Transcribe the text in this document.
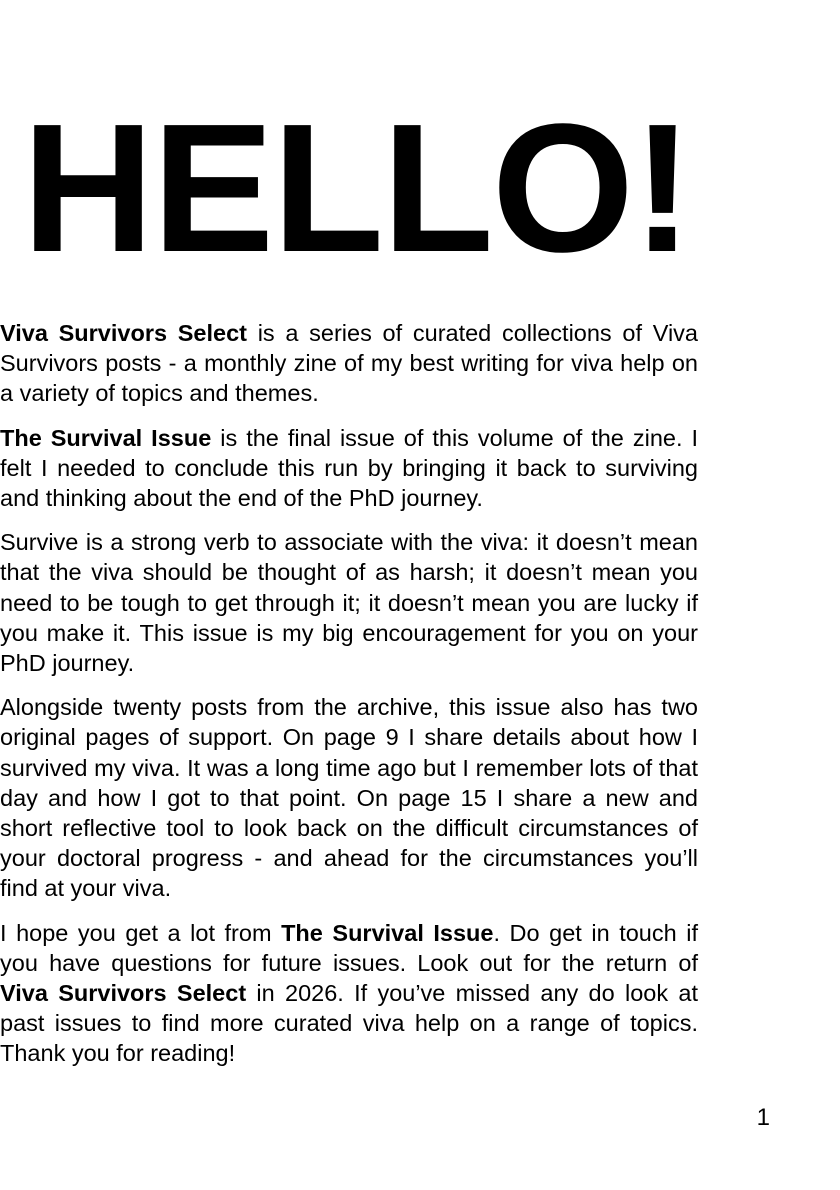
HELLO!

Viva Survivors Select is a series of curated collections of Viva Survivors posts - a monthly zine of my best writing for viva help on a variety of topics and themes.

The Survival Issue is the final issue of this volume of the zine. I felt I needed to conclude this run by bringing it back to surviving and thinking about the end of the PhD journey.

Survive is a strong verb to associate with the viva: it doesn’t mean that the viva should be thought of as harsh; it doesn’t mean you need to be tough to get through it; it doesn’t mean you are lucky if you make it. This issue is my big encouragement for you on your PhD journey.

Alongside twenty posts from the archive, this issue also has two original pages of support. On page 9 I share details about how I survived my viva. It was a long time ago but I remember lots of that day and how I got to that point. On page 15 I share a new and short reflective tool to look back on the difficult circumstances of your doctoral progress - and ahead for the circumstances you’ll find at your viva.

I hope you get a lot from The Survival Issue. Do get in touch if you have questions for future issues. Look out for the return of Viva Survivors Select in 2026. If you’ve missed any do look at past issues to find more curated viva help on a range of topics. Thank you for reading!

1
